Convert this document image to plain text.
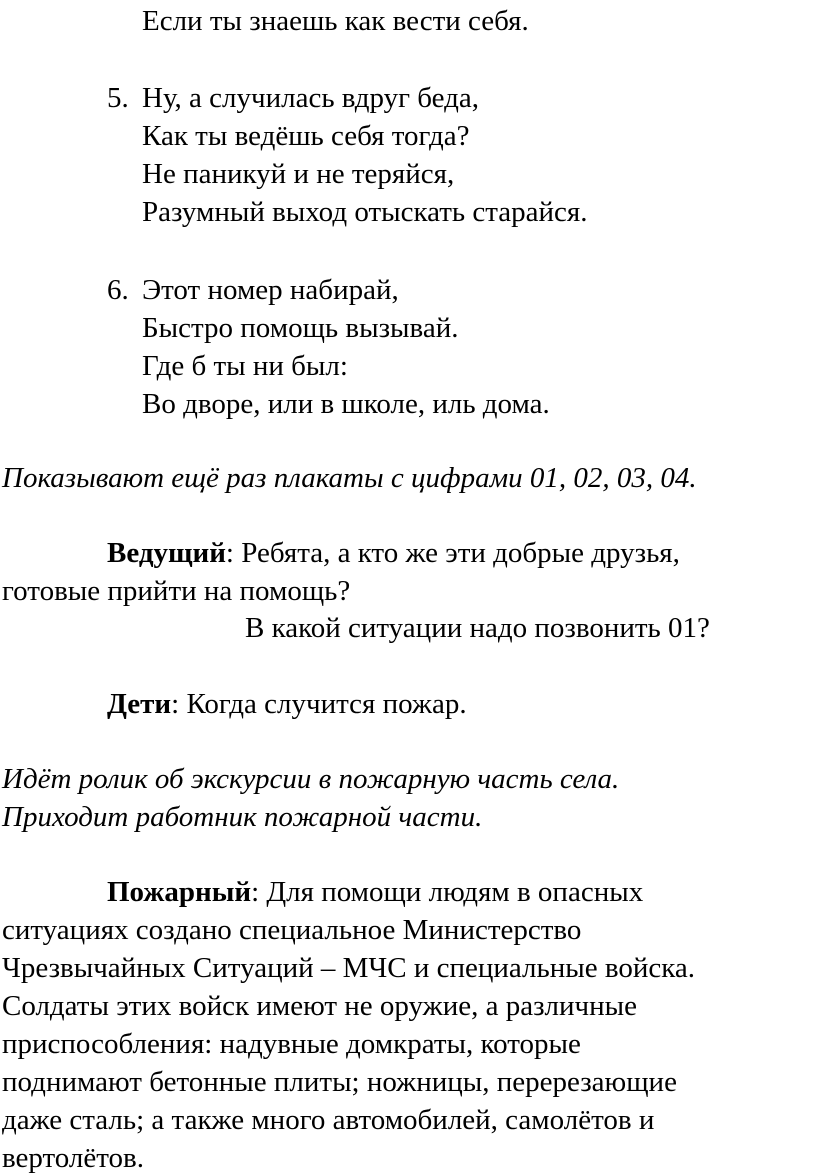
Если ты знаешь как вести себя.

5. Ну, а случилась вдруг беда,

Как ты ведёшь себя тогда?

Не паникуй и не теряйся,

Разумный выход отыскать старайся.

6. Этот номер набирай,

Быстро помощь вызывай.

Где б ты ни был:

Во дворе, или в школе, иль дома.

Показывают ещё раз плакаты с цифрами 01, 02, 03, 04.

Ведущий: Ребята, а кто же эти добрые друзья,

готовые прийти на помощь?

В какой ситуации надо позвонить 01?

Дети: Когда случится пожар.

Идёт ролик об экскурсии в пожарную часть села.

Приходит работник пожарной части.

Пожарный: Для помощи людям в опасных

ситуациях создано специальное Министерство

Чрезвычайных Ситуаций – МЧС и специальные войска.

Солдаты этих войск имеют не оружие, а различные

приспособления: надувные домкраты, которые

поднимают бетонные плиты; ножницы, перерезающие

даже сталь; а также много автомобилей, самолётов и

вертолётов.
